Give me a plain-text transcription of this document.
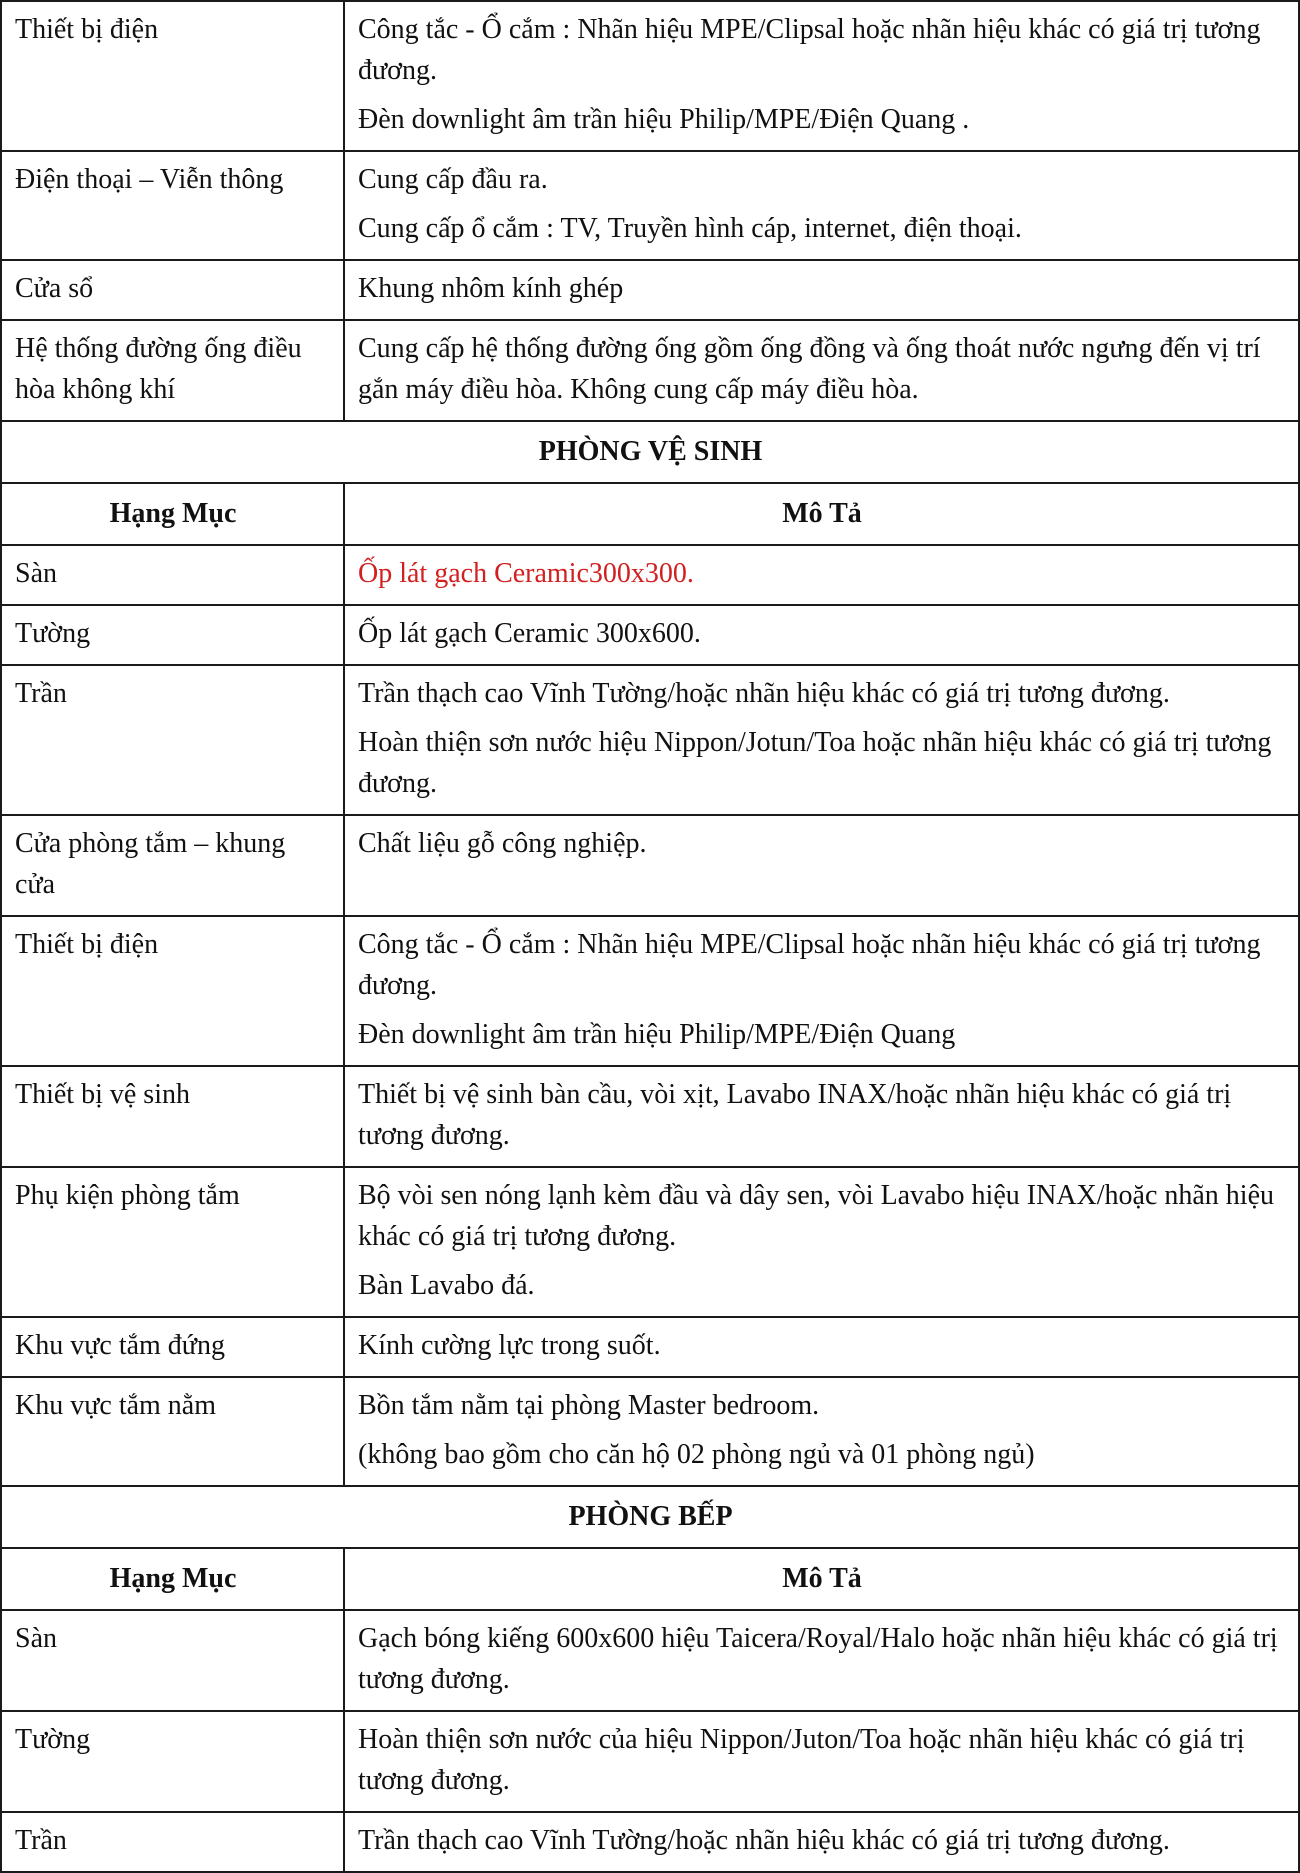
Thiết bị điện	Công tắc - Ổ cắm : Nhãn hiệu MPE/Clipsal hoặc nhãn hiệu khác có giá trị tương đương.

Đèn downlight âm trần hiệu Philip/MPE/Điện Quang .

Điện thoại – Viễn thông	Cung cấp đầu ra.

Cung cấp ổ cắm : TV, Truyền hình cáp, internet, điện thoại.

Cửa sổ	Khung nhôm kính ghép

Hệ thống đường ống điều hòa không khí	Cung cấp hệ thống đường ống gồm ống đồng và ống thoát nước ngưng đến vị trí gắn máy điều hòa. Không cung cấp máy điều hòa.

PHÒNG VỆ SINH	
Hạng Mục	Mô Tả
Sàn	Ốp lát gạch Ceramic300x300.

Tường	Ốp lát gạch Ceramic 300x600.

Trần	Trần thạch cao Vĩnh Tường/hoặc nhãn hiệu khác có giá trị tương đương.

Hoàn thiện sơn nước hiệu Nippon/Jotun/Toa hoặc nhãn hiệu khác có giá trị tương đương.

Cửa phòng tắm – khung cửa	Chất liệu gỗ công nghiệp.

Thiết bị điện	Công tắc - Ổ cắm : Nhãn hiệu MPE/Clipsal hoặc nhãn hiệu khác có giá trị tương đương.

Đèn downlight âm trần hiệu Philip/MPE/Điện Quang

Thiết bị vệ sinh	Thiết bị vệ sinh bàn cầu, vòi xịt, Lavabo INAX/hoặc nhãn hiệu khác có giá trị tương đương.

Phụ kiện phòng tắm	Bộ vòi sen nóng lạnh kèm đầu và dây sen, vòi Lavabo hiệu INAX/hoặc nhãn hiệu khác có giá trị tương đương.

Bàn Lavabo đá.

Khu vực tắm đứng	Kính cường lực trong suốt.

Khu vực tắm nằm	Bồn tắm nằm tại phòng Master bedroom.

(không bao gồm cho căn hộ 02 phòng ngủ và 01 phòng ngủ)

PHÒNG BẾP	
Hạng Mục	Mô Tả
Sàn	Gạch bóng kiếng 600x600 hiệu Taicera/Royal/Halo hoặc nhãn hiệu khác có giá trị tương đương.

Tường	Hoàn thiện sơn nước của hiệu Nippon/Juton/Toa hoặc nhãn hiệu khác có giá trị tương đương.

Trần	Trần thạch cao Vĩnh Tường/hoặc nhãn hiệu khác có giá trị tương đương.
